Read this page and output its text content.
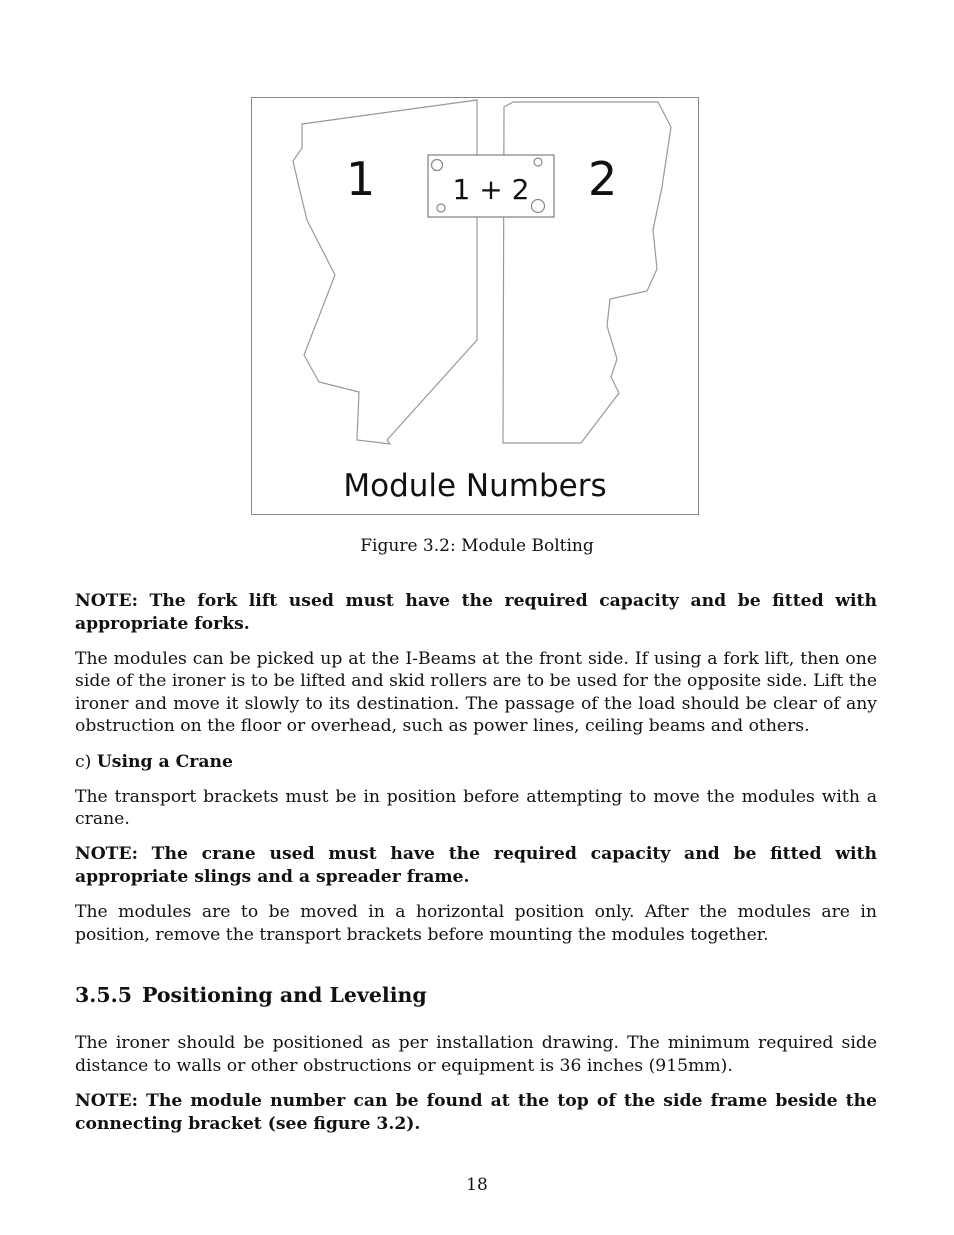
1	2
1 + 2
Module Numbers
Figure 3.2: Module Bolting

NOTE: The fork lift used must have the required capacity and be fitted with appropriate forks.

The modules can be picked up at the I-Beams at the front side. If using a fork lift, then one side of the ironer is to be lifted and skid rollers are to be used for the opposite side. Lift the ironer and move it slowly to its destination. The passage of the load should be clear of any obstruction on the floor or overhead, such as power lines, ceiling beams and others.

c) Using a Crane

The transport brackets must be in position before attempting to move the modules with a crane.

NOTE: The crane used must have the required capacity and be fitted with appropriate slings and a spreader frame.

The modules are to be moved in a horizontal position only. After the modules are in position, remove the transport brackets before mounting the modules together.

3.5.5 Positioning and Leveling

The ironer should be positioned as per installation drawing. The minimum required side distance to walls or other obstructions or equipment is 36 inches (915mm).

NOTE: The module number can be found at the top of the side frame beside the connecting bracket (see figure 3.2).

18
